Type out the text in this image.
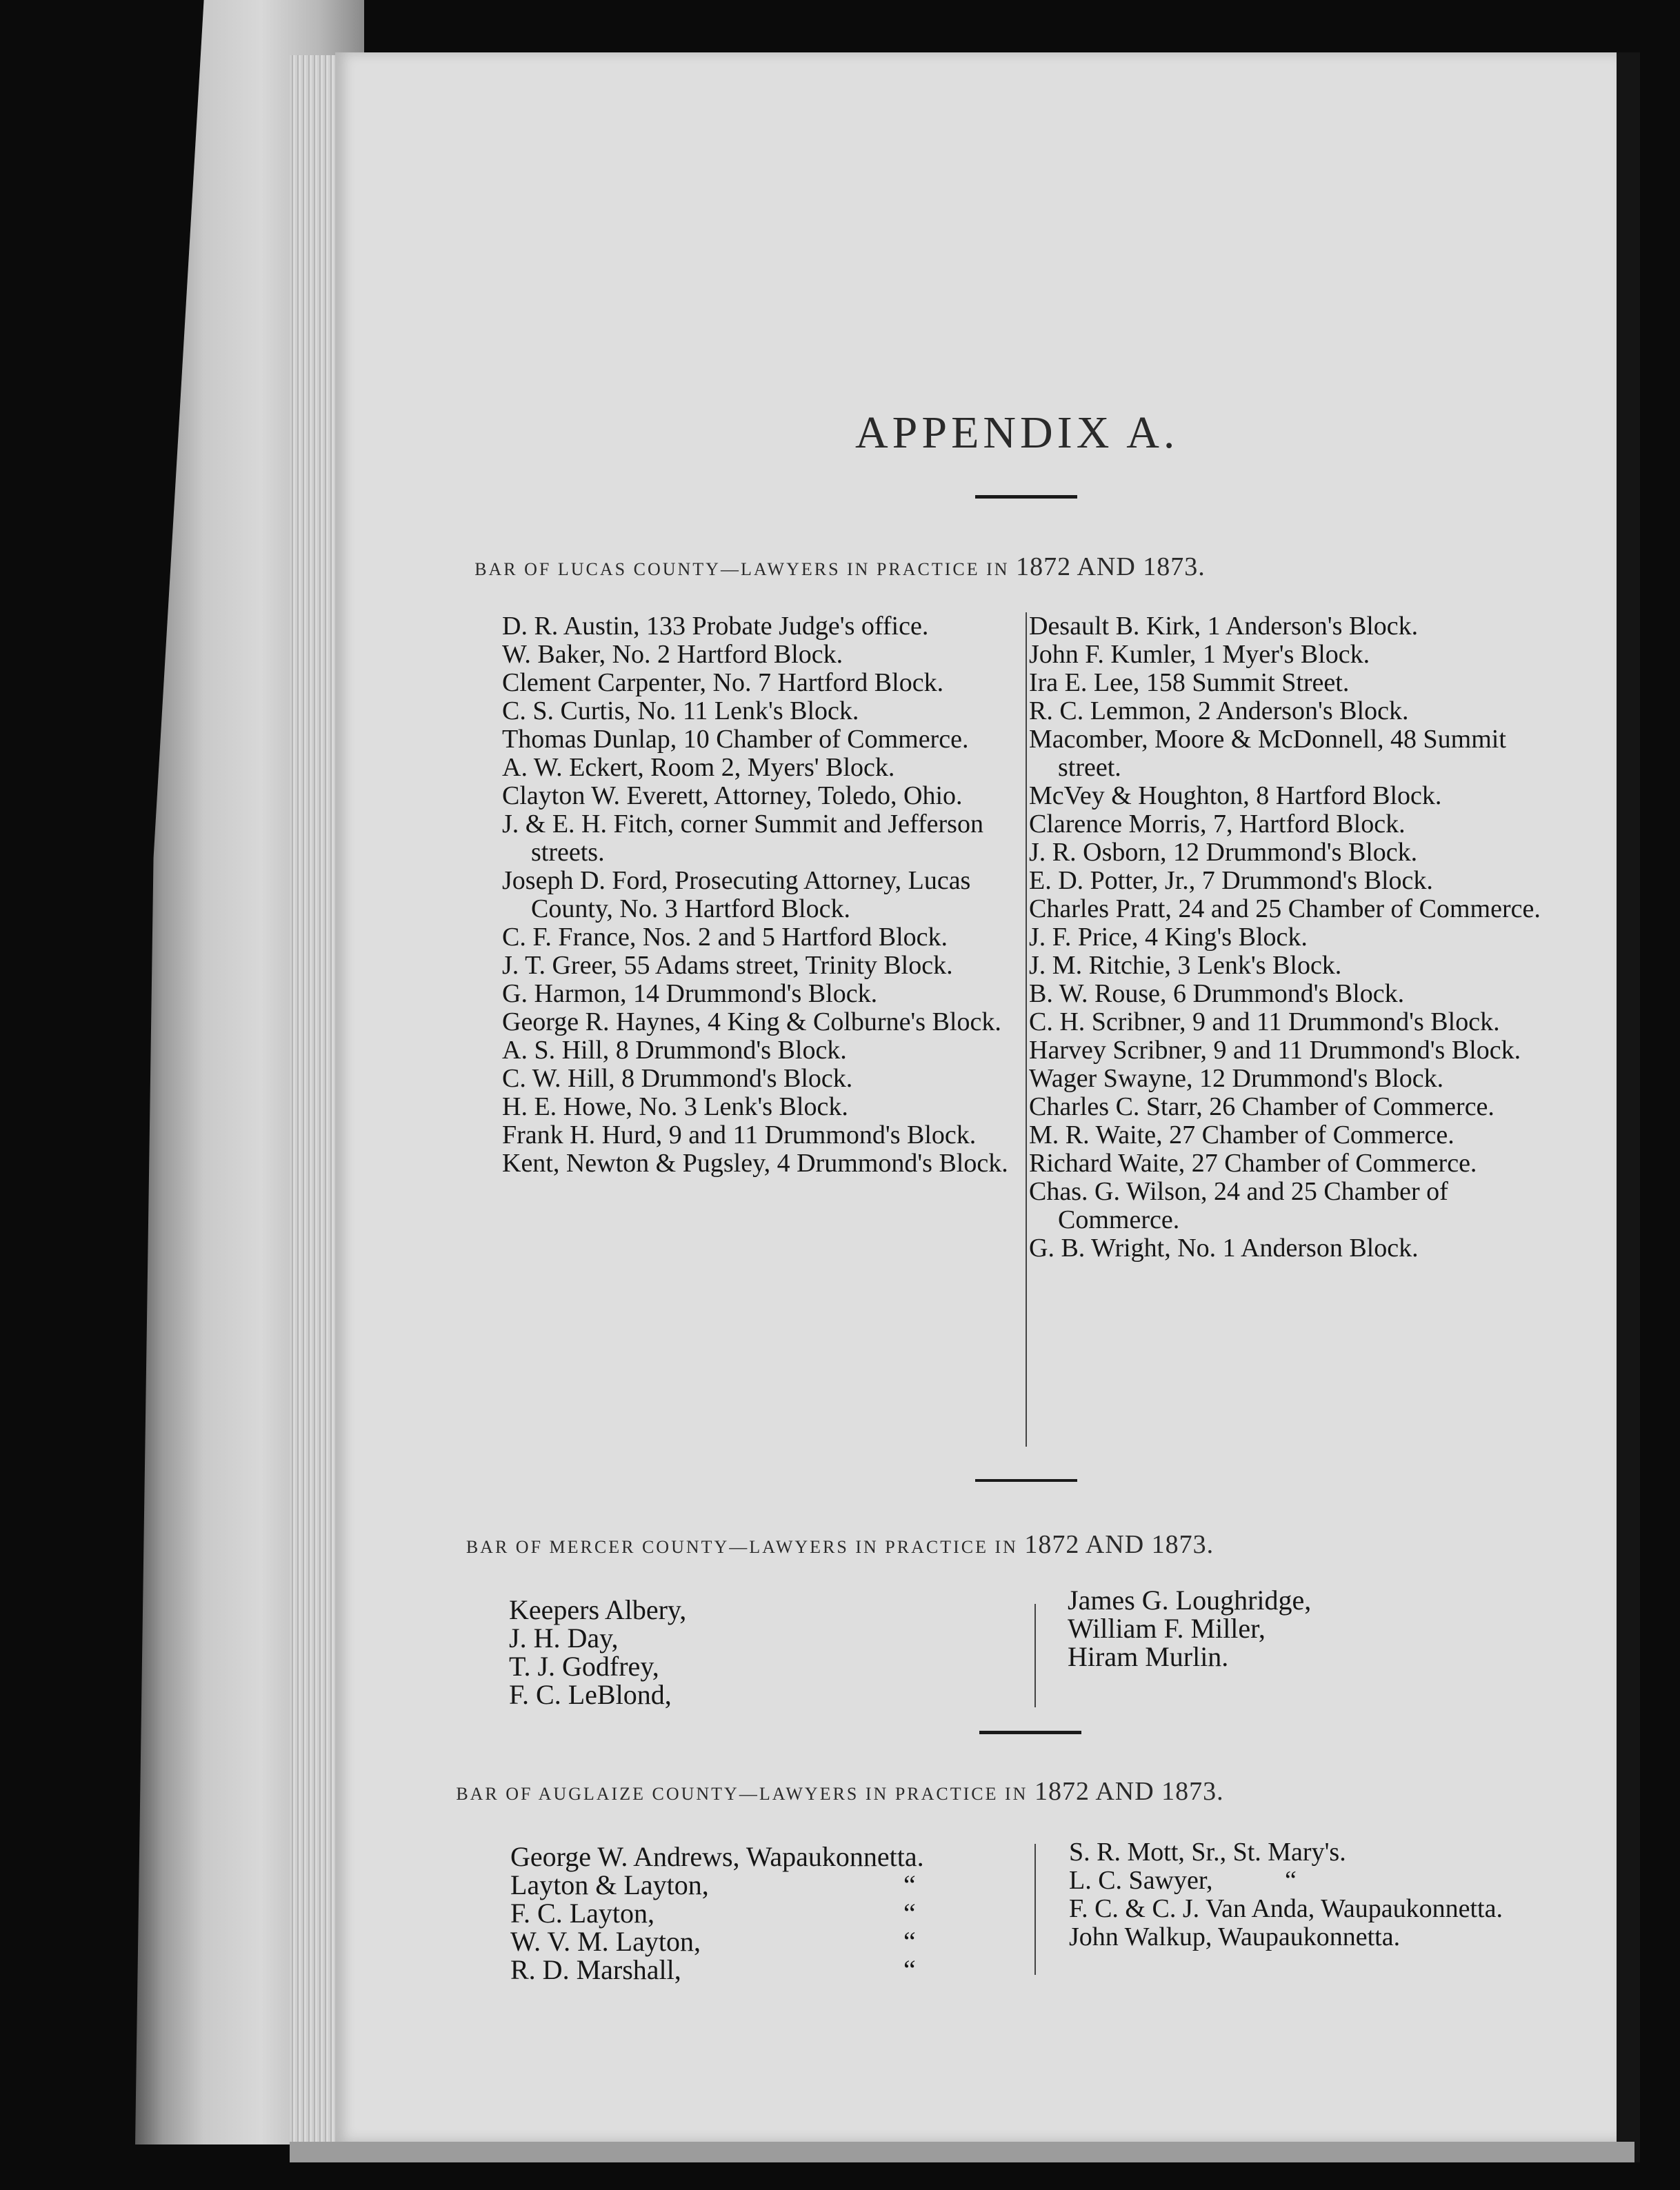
APPENDIX A.
BAR OF LUCAS COUNTY—LAWYERS IN PRACTICE IN 1872 AND 1873.
D. R. Austin, 133 Probate Judge's office.
W. Baker, No. 2 Hartford Block.
Clement Carpenter, No. 7 Hartford Block.
C. S. Curtis, No. 11 Lenk's Block.
Thomas Dunlap, 10 Chamber of Commerce.
A. W. Eckert, Room 2, Myers' Block.
Clayton W. Everett, Attorney, Toledo, Ohio.
J. & E. H. Fitch, corner Summit and Jefferson streets.
Joseph D. Ford, Prosecuting Attorney, Lucas County, No. 3 Hartford Block.
C. F. France, Nos. 2 and 5 Hartford Block.
J. T. Greer, 55 Adams street, Trinity Block.
G. Harmon, 14 Drummond's Block.
George R. Haynes, 4 King & Colburne's Block.
A. S. Hill, 8 Drummond's Block.
C. W. Hill, 8 Drummond's Block.
H. E. Howe, No. 3 Lenk's Block.
Frank H. Hurd, 9 and 11 Drummond's Block.
Kent, Newton & Pugsley, 4 Drummond's Block.
Desault B. Kirk, 1 Anderson's Block.
John F. Kumler, 1 Myer's Block.
Ira E. Lee, 158 Summit Street.
R. C. Lemmon, 2 Anderson's Block.
Macomber, Moore & McDonnell, 48 Summit street.
McVey & Houghton, 8 Hartford Block.
Clarence Morris, 7, Hartford Block.
J. R. Osborn, 12 Drummond's Block.
E. D. Potter, Jr., 7 Drummond's Block.
Charles Pratt, 24 and 25 Chamber of Commerce.
J. F. Price, 4 King's Block.
J. M. Ritchie, 3 Lenk's Block.
B. W. Rouse, 6 Drummond's Block.
C. H. Scribner, 9 and 11 Drummond's Block.
Harvey Scribner, 9 and 11 Drummond's Block.
Wager Swayne, 12 Drummond's Block.
Charles C. Starr, 26 Chamber of Commerce.
M. R. Waite, 27 Chamber of Commerce.
Richard Waite, 27 Chamber of Commerce.
Chas. G. Wilson, 24 and 25 Chamber of Commerce.
G. B. Wright, No. 1 Anderson Block.
BAR OF MERCER COUNTY—LAWYERS IN PRACTICE IN 1872 AND 1873.
Keepers Albery,
J. H. Day,
T. J. Godfrey,
F. C. LeBlond,
James G. Loughridge,
William F. Miller,
Hiram Murlin.
BAR OF AUGLAIZE COUNTY—LAWYERS IN PRACTICE IN 1872 AND 1873.
George W. Andrews, Wapaukonnetta.
Layton & Layton,	“
F. C. Layton,	“
W. V. M. Layton,	“
R. D. Marshall,	“
S. R. Mott, Sr., St. Mary's.
L. C. Sawyer,           “
F. C. & C. J. Van Anda, Waupaukonnetta.
John Walkup, Waupaukonnetta.
